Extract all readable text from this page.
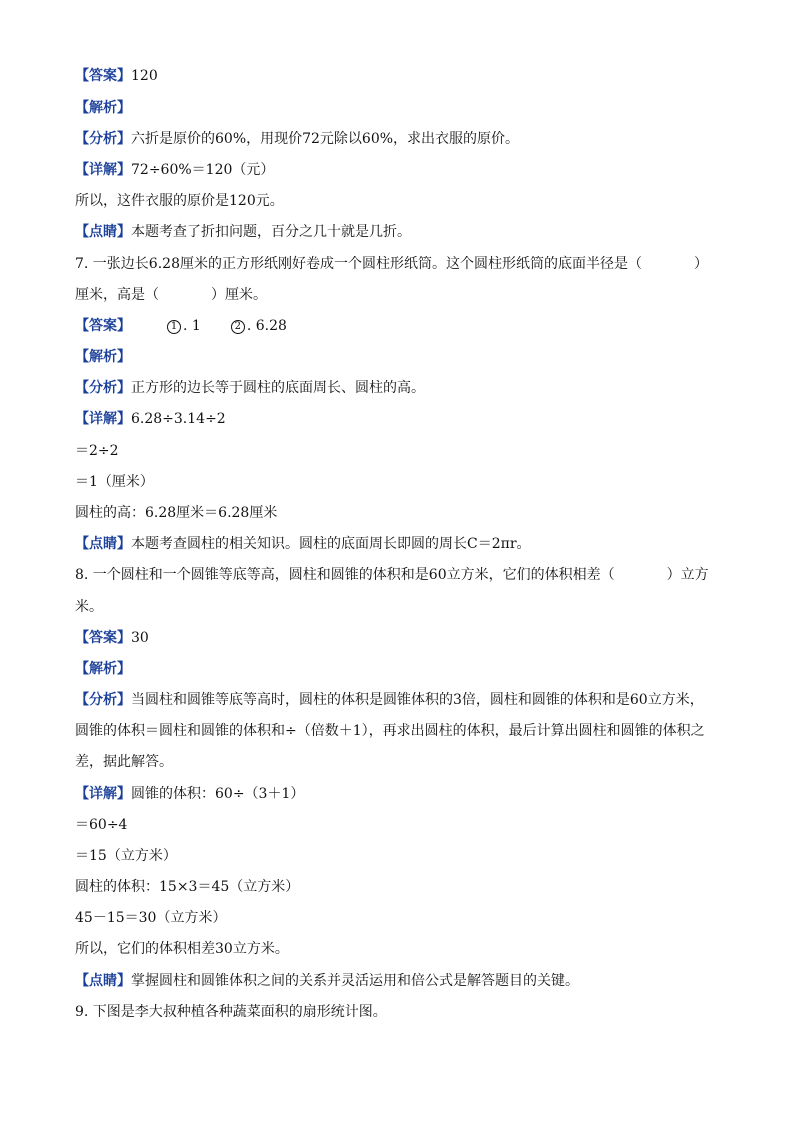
【答案】120
【解析】
【分析】六折是原价的60%，用现价72元除以60%，求出衣服的原价。
【详解】72÷60%＝120（元）
所以，这件衣服的原价是120元。
【点睛】本题考查了折扣问题，百分之几十就是几折。
7. 一张边长6.28厘米的正方形纸刚好卷成一个圆柱形纸筒。这个圆柱形纸筒的底面半径是（	）
厘米，高是（	）厘米。
【答案】	1 . 1	2 . 6.28
【解析】
【分析】正方形的边长等于圆柱的底面周长、圆柱的高。
【详解】6.28÷3.14÷2
＝2÷2
＝1（厘米）
圆柱的高：6.28厘米＝6.28厘米
【点睛】本题考查圆柱的相关知识。圆柱的底面周长即圆的周长C＝2πr。
8. 一个圆柱和一个圆锥等底等高，圆柱和圆锥的体积和是60立方米，它们的体积相差（	）立方
米。
【答案】30
【解析】
【分析】当圆柱和圆锥等底等高时，圆柱的体积是圆锥体积的3倍，圆柱和圆锥的体积和是60立方米，
圆锥的体积＝圆柱和圆锥的体积和÷（倍数＋1），再求出圆柱的体积，最后计算出圆柱和圆锥的体积之
差，据此解答。
【详解】圆锥的体积：60÷（3＋1）
＝60÷4
＝15（立方米）
圆柱的体积：15×3＝45（立方米）
45－15＝30（立方米）
所以，它们的体积相差30立方米。
【点睛】掌握圆柱和圆锥体积之间的关系并灵活运用和倍公式是解答题目的关键。
9. 下图是李大叔种植各种蔬菜面积的扇形统计图。
